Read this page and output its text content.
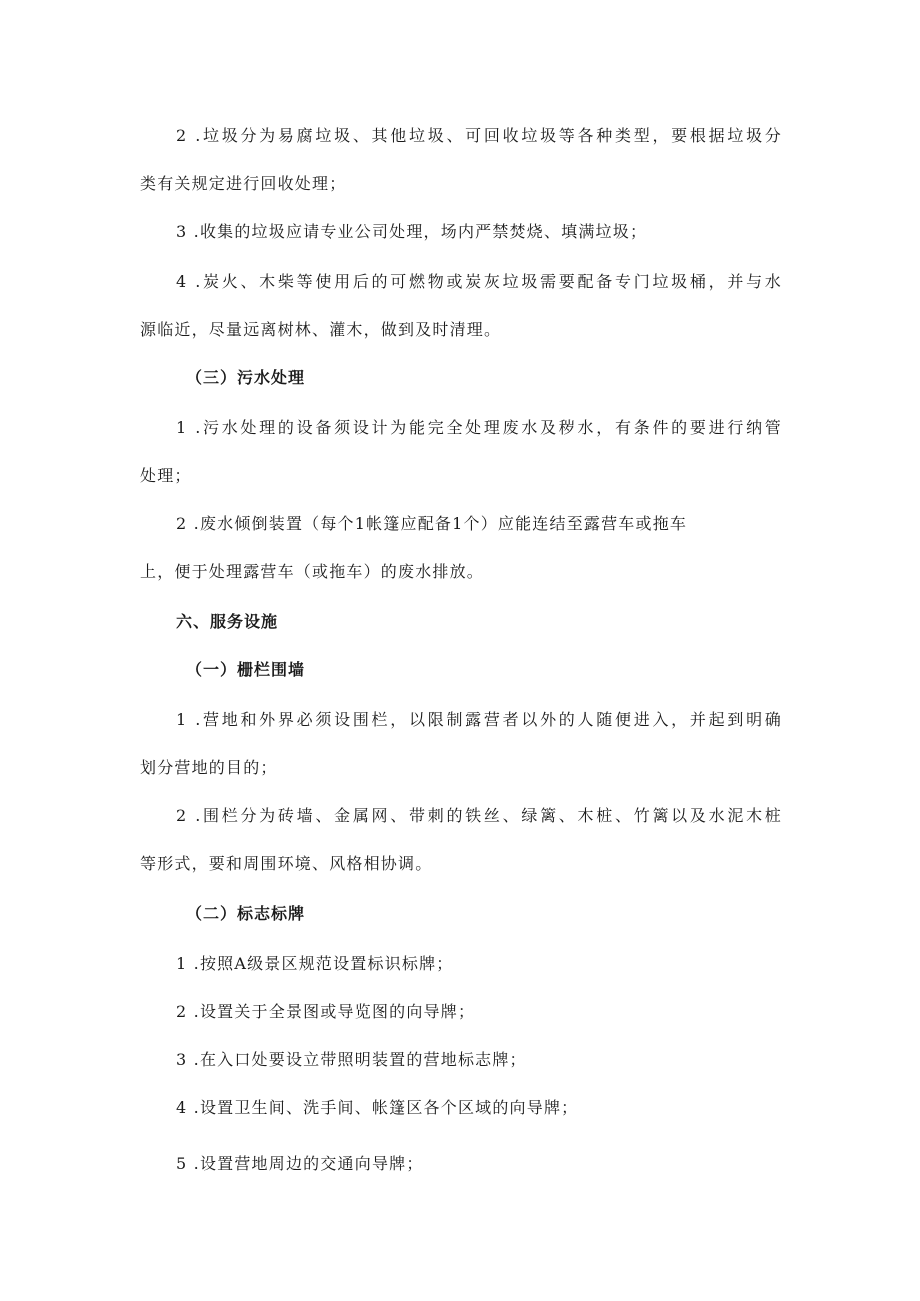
2 .垃圾分为易腐垃圾、其他垃圾、可回收垃圾等各种类型，要根据垃圾分

类有关规定进行回收处理；

3 .收集的垃圾应请专业公司处理，场内严禁焚烧、填满垃圾；

4 .炭火、木柴等使用后的可燃物或炭灰垃圾需要配备专门垃圾桶，并与水

源临近，尽量远离树林、灌木，做到及时清理。

（三）污水处理

1 .污水处理的设备须设计为能完全处理废水及秽水，有条件的要进行纳管

处理；

2 .废水倾倒装置（每个1帐篷应配备1个）应能连结至露营车或拖车

上，便于处理露营车（或拖车）的废水排放。

六、服务设施

（一）栅栏围墙

1 .营地和外界必须设围栏，以限制露营者以外的人随便进入，并起到明确

划分营地的目的；

2 .围栏分为砖墙、金属网、带刺的铁丝、绿篱、木桩、竹篱以及水泥木桩

等形式，要和周围环境、风格相协调。

（二）标志标牌

1 .按照A级景区规范设置标识标牌；

2 .设置关于全景图或导览图的向导牌；

3 .在入口处要设立带照明装置的营地标志牌；

4 .设置卫生间、洗手间、帐篷区各个区域的向导牌；

5 .设置营地周边的交通向导牌；
